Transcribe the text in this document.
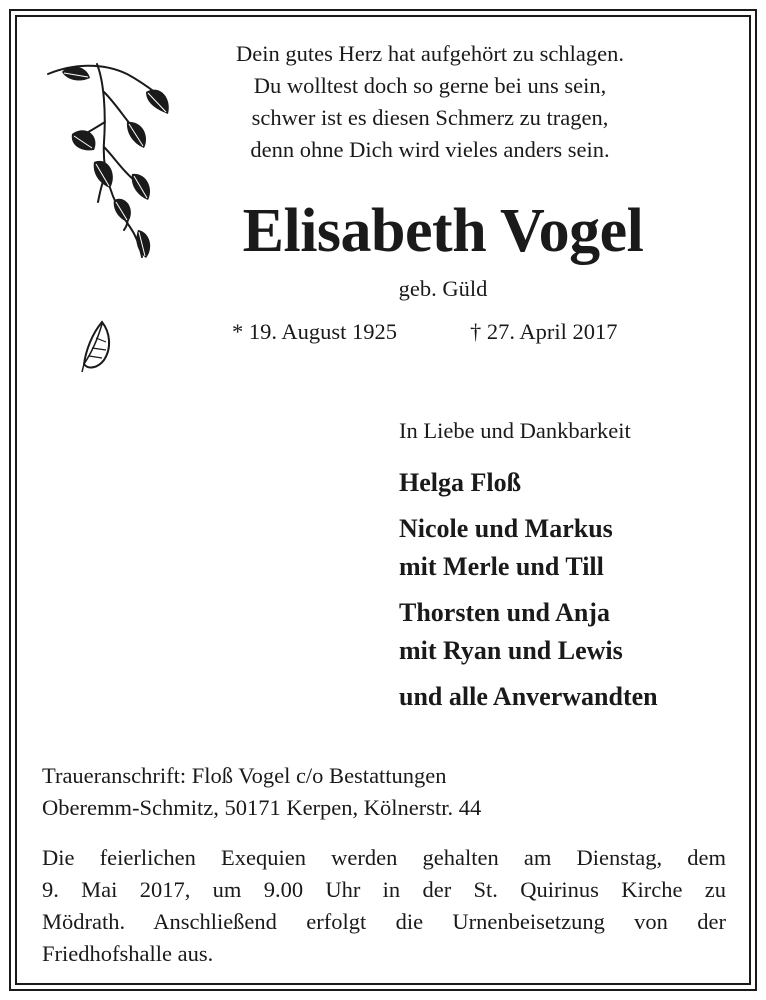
Dein gutes Herz hat aufgehört zu schlagen.
Du wolltest doch so gerne bei uns sein,
schwer ist es diesen Schmerz zu tragen,
denn ohne Dich wird vieles anders sein.
Elisabeth Vogel
geb. Güld
* 19. August 1925	† 27. April 2017
In Liebe und Dankbarkeit
Helga Floß
Nicole und Markus
mit Merle und Till
Thorsten und Anja
mit Ryan und Lewis
und alle Anverwandten
Traueranschrift: Floß Vogel c/o Bestattungen
Oberemm-Schmitz, 50171 Kerpen, Kölnerstr. 44
Die feierlichen Exequien werden gehalten am Dienstag, dem
9. Mai 2017, um 9.00 Uhr in der St. Quirinus Kirche zu
Mödrath. Anschließend erfolgt die Urnenbeisetzung von der
Friedhofshalle aus.
